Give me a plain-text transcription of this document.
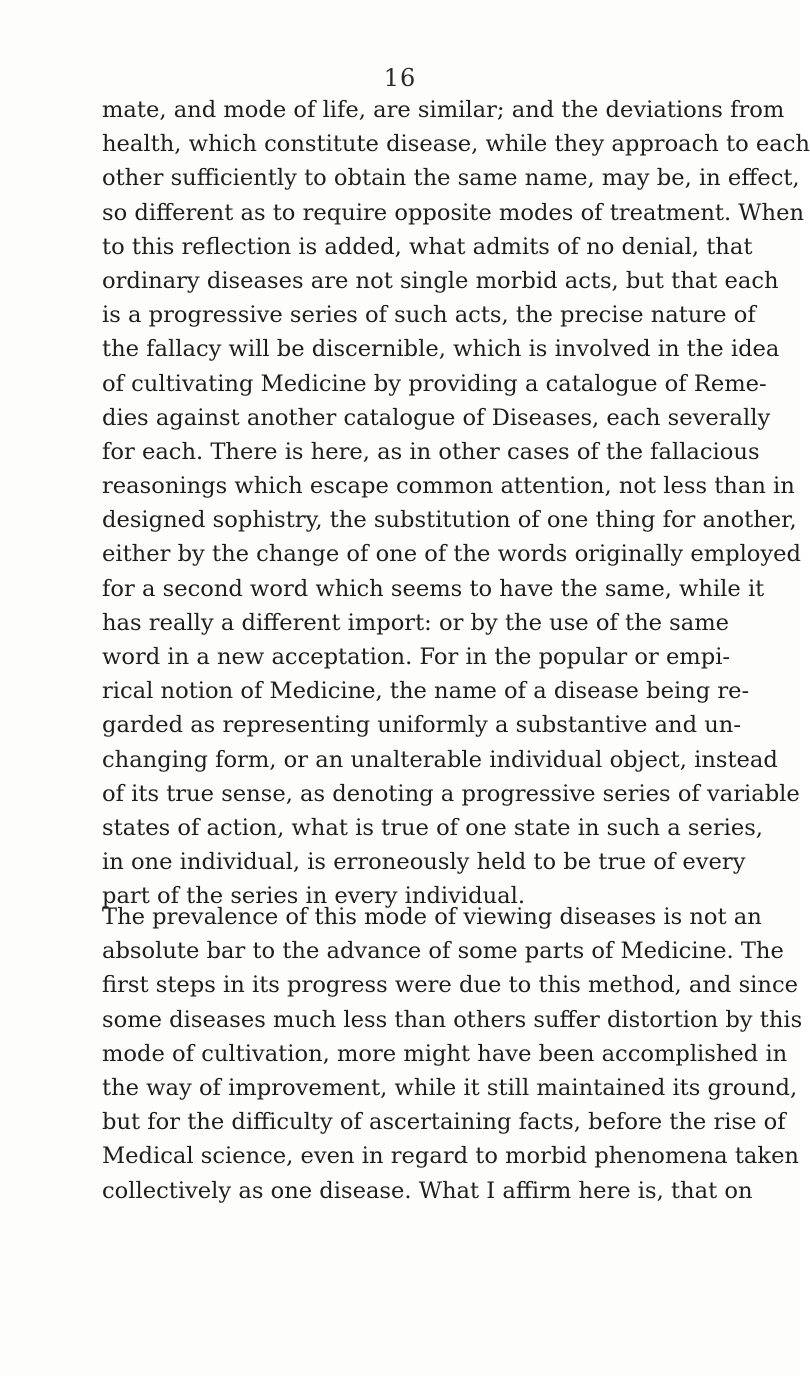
16
mate, and mode of life, are similar; and the deviations from
health, which constitute disease, while they approach to each
other sufficiently to obtain the same name, may be, in effect,
so different as to require opposite modes of treatment. When
to this reflection is added, what admits of no denial, that
ordinary diseases are not single morbid acts, but that each
is a progressive series of such acts, the precise nature of
the fallacy will be discernible, which is involved in the idea
of cultivating Medicine by providing a catalogue of Reme-
dies against another catalogue of Diseases, each severally
for each. There is here, as in other cases of the fallacious
reasonings which escape common attention, not less than in
designed sophistry, the substitution of one thing for another,
either by the change of one of the words originally employed
for a second word which seems to have the same, while it
has really a different import: or by the use of the same
word in a new acceptation. For in the popular or empi-
rical notion of Medicine, the name of a disease being re-
garded as representing uniformly a substantive and un-
changing form, or an unalterable individual object, instead
of its true sense, as denoting a progressive series of variable
states of action, what is true of one state in such a series,
in one individual, is erroneously held to be true of every
part of the series in every individual.
The prevalence of this mode of viewing diseases is not an
absolute bar to the advance of some parts of Medicine. The
first steps in its progress were due to this method, and since
some diseases much less than others suffer distortion by this
mode of cultivation, more might have been accomplished in
the way of improvement, while it still maintained its ground,
but for the difficulty of ascertaining facts, before the rise of
Medical science, even in regard to morbid phenomena taken
collectively as one disease. What I affirm here is, that on
